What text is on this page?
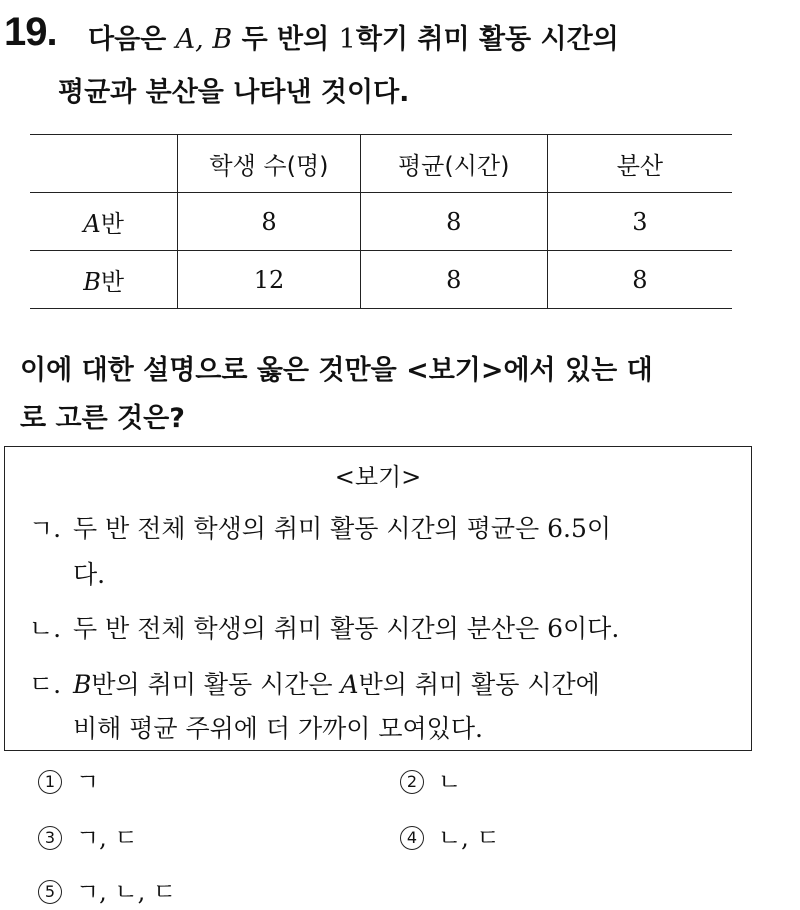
19. 다음은 A, B 두 반의 1학기 취미 활동 시간의
평균과 분산을 나타낸 것이다.
	학생 수(명)	평균(시간)	분산
A반	8	8	3
B반	12	8	8
이에 대한 설명으로 옳은 것만을 <보기>에서 있는 대
로 고른 것은?
<보기>
ㄱ. 두 반 전체 학생의 취미 활동 시간의 평균은 6.5이
다.
ㄴ. 두 반 전체 학생의 취미 활동 시간의 분산은 6이다.
ㄷ. B반의 취미 활동 시간은 A반의 취미 활동 시간에
비해 평균 주위에 더 가까이 모여있다.
1 ㄱ	2 ㄴ
3 ㄱ, ㄷ	4 ㄴ, ㄷ
5 ㄱ, ㄴ, ㄷ
